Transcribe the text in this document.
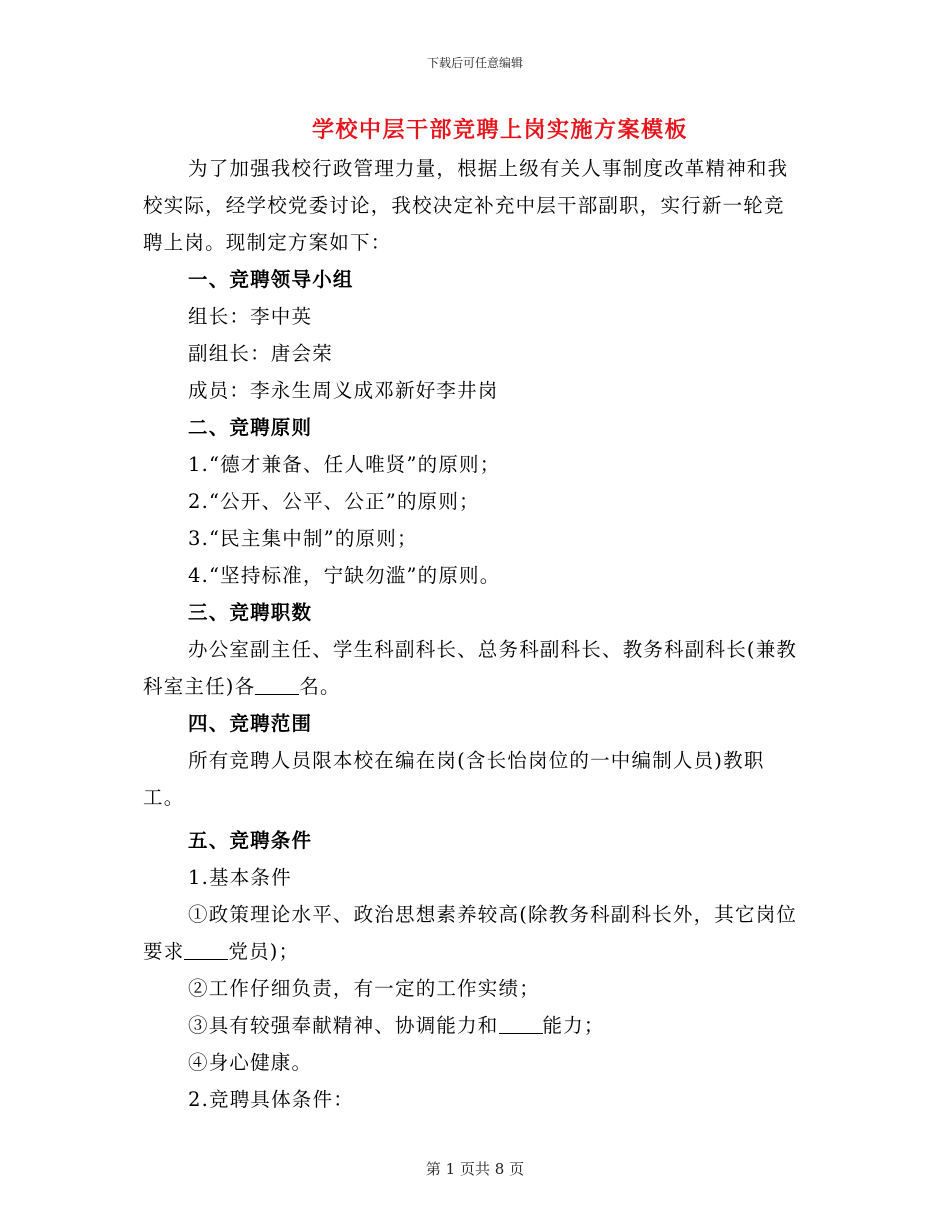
下载后可任意编辑
学校中层干部竞聘上岗实施方案模板

为了加强我校行政管理力量，根据上级有关人事制度改革精神和我校实际，经学校党委讨论，我校决定补充中层干部副职，实行新一轮竞聘上岗。现制定方案如下：

一、竞聘领导小组

组长：李中英

副组长：唐会荣

成员：李永生周义成邓新好李井岗

二、竞聘原则

1.“德才兼备、任人唯贤”的原则；

2.“公开、公平、公正”的原则；

3.“民主集中制”的原则；

4.“坚持标准，宁缺勿滥”的原则。

三、竞聘职数

办公室副主任、学生科副科长、总务科副科长、教务科副科长(兼教科室主任)各 名。

四、竞聘范围

所有竞聘人员限本校在编在岗(含长怡岗位的一中编制人员)教职工。

五、竞聘条件

1.基本条件

①政策理论水平、政治思想素养较高(除教务科副科长外，其它岗位要求 党员)；

②工作仔细负责，有一定的工作实绩；

③具有较强奉献精神、协调能力和 能力；

④身心健康。

2.竞聘具体条件：

第 1 页共 8 页
